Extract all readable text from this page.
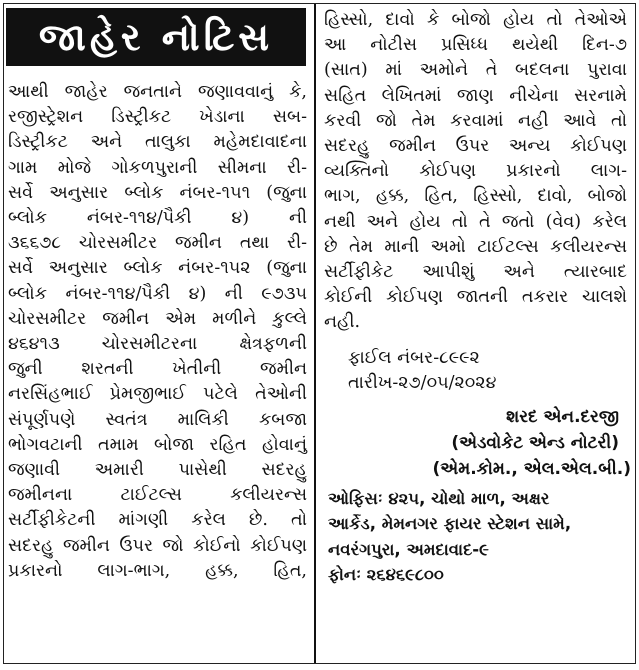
જાહેર નોટિસ
આથી જાહેર જનતાને જણાવવાનું કે,
રજીસ્ટ્રેશન ડિસ્ટ્રીકટ ખેડાના સબ-
ડિસ્ટ્રીકટ અને તાલુકા મહેમદાવાદના
ગામ મોજે ગોકળપુરાની સીમના રી-
સર્વે અનુસાર બ્લોક નંબર-૧૫૧ (જુના
બ્લોક નંબર-૧૧૪/પૈકી ૪) ની
૩૬૬૭૮ ચોરસમીટર જમીન તથા રી-
સર્વે અનુસાર બ્લોક નંબર-૧૫૨ (જુના
બ્લોક નંબર-૧૧૪/પૈકી ૪) ની ૯૭૩૫
ચોરસમીટર જમીન એમ મળીને કુલ્લે
૪૬૪૧૩ ચોરસમીટરના ક્ષેત્રફળની
જુની શરતની ખેતીની જમીન
નરસિંહભાઈ પ્રેમજીભાઈ પટેલે તેઓની
સંપૂર્ણપણે સ્વતંત્ર માલિકી કબજા
ભોગવટાની તમામ બોજા રહિત હોવાનું
જણાવી અમારી પાસેથી સદરહુ
જમીનના ટાઈટલ્સ કલીયરન્સ
સર્ટીફીકેટની માંગણી કરેલ છે. તો
સદરહુ જમીન ઉપર જો કોઈનો કોઈપણ
પ્રકારનો લાગ-ભાગ, હક્ક, હિત,
હિસ્સો, દાવો કે બોજો હોય તો તેઓએ
આ નોટીસ પ્રસિધ્ધ થયેથી દિન-૭
(સાત) માં અમોને તે બદલના પુરાવા
સહિત લેખિતમાં જાણ નીચેના સરનામે
કરવી જો તેમ કરવામાં નહી આવે તો
સદરહુ જમીન ઉપર અન્ય કોઈપણ
વ્યક્તિનો કોઈપણ પ્રકારનો લાગ-
ભાગ, હક્ક, હિત, હિસ્સો, દાવો, બોજો
નથી અને હોય તો તે જતો (વેવ) કરેલ
છે તેમ માની અમો ટાઈટલ્સ કલીયરન્સ
સર્ટીફીકેટ આપીશું અને ત્યારબાદ
કોઈની કોઈપણ જાતની તકરાર ચાલશે
નહી.
ફાઈલ નંબર-૮૯૯૨
તારીખ-૨૭/૦૫/૨૦૨૪
શરદ એન.દરજી
(એડવોકેટ એન્ડ નોટરી)
(એમ.કોમ., એલ.એલ.બી.)
ઓફિસઃ ૪૨૫, ચોથો માળ, અક્ષર
આર્કેડ, મેમનગર ફાયર સ્ટેશન સામે,
નવરંગપુરા, અમદાવાદ-૯
ફોનઃ ૨૬૪૬૯૮૦૦
